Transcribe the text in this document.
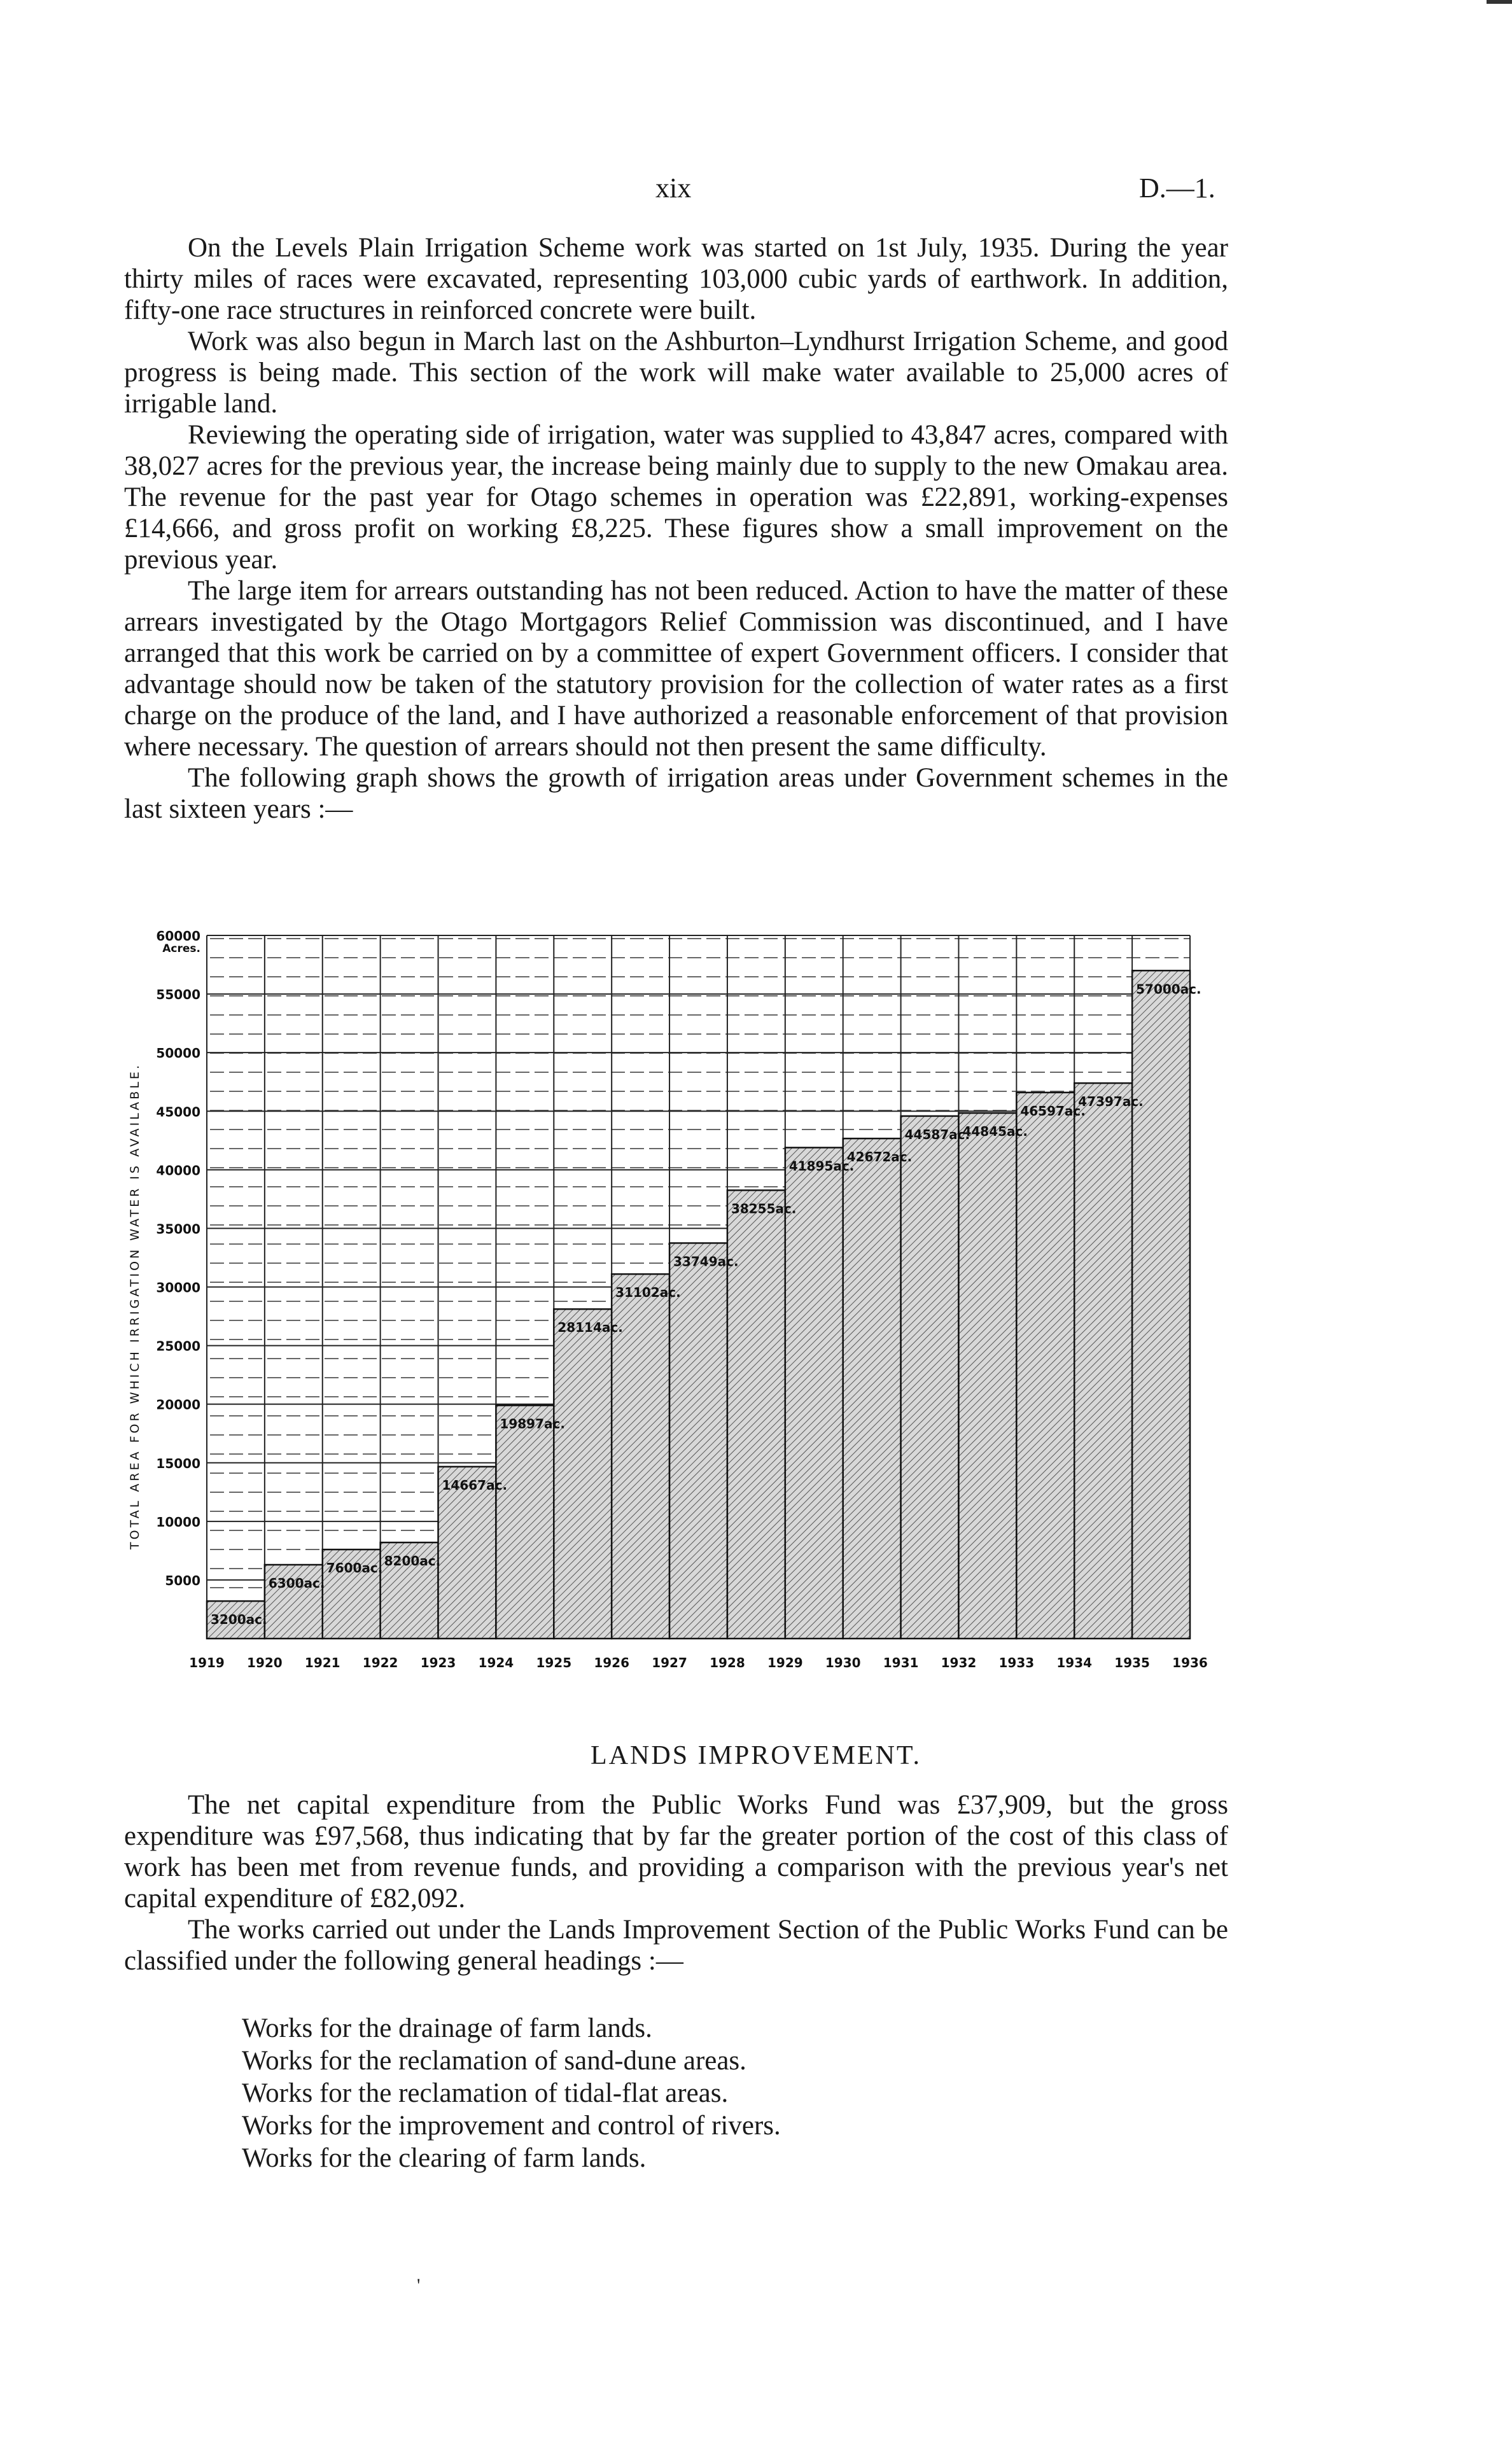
xix	D.—1.

On the Levels Plain Irrigation Scheme work was started on 1st July, 1935. During the year thirty miles of races were excavated, representing 103,000 cubic yards of earthwork. In addition, fifty-one race structures in reinforced concrete were built.

Work was also begun in March last on the Ashburton–Lyndhurst Irrigation Scheme, and good progress is being made. This section of the work will make water available to 25,000 acres of irrigable land.

Reviewing the operating side of irrigation, water was supplied to 43,847 acres, compared with 38,027 acres for the previous year, the increase being mainly due to supply to the new Omakau area. The revenue for the past year for Otago schemes in operation was £22,891, working-expenses £14,666, and gross profit on working £8,225. These figures show a small improvement on the previous year.

The large item for arrears outstanding has not been reduced. Action to have the matter of these arrears investigated by the Otago Mortgagors Relief Commission was discontinued, and I have arranged that this work be carried on by a committee of expert Government officers. I consider that advantage should now be taken of the statutory provision for the collection of water rates as a first charge on the produce of the land, and I have authorized a reasonable enforcement of that provision where necessary. The question of arrears should not then present the same difficulty.

The following graph shows the growth of irrigation areas under Government schemes in the last sixteen years :—

3200ac.
6300ac.
7600ac. 8200ac.
14667ac.
19897ac.
28114ac.
31102ac.
33749ac.
38255ac.
41895ac.
42672ac.
44587ac.
44845ac.
46597ac.
47397ac.
57000ac.
60000
55000
50000
45000
40000
35000
30000
25000
20000
15000
10000
5000
Acres.
1919 1920 1921 1922 1923 1924 1925 1926 1927 1928 1929 1930 1931 1932 1933 1934 1935 1936
TOTAL AREA FOR WHICH IRRIGATION WATER IS AVAILABLE.
LANDS IMPROVEMENT.

The net capital expenditure from the Public Works Fund was £37,909, but the gross expenditure was £97,568, thus indicating that by far the greater portion of the cost of this class of work has been met from revenue funds, and providing a comparison with the previous year's net capital expenditure of £82,092.

The works carried out under the Lands Improvement Section of the Public Works Fund can be classified under the following general headings :—

Works for the drainage of farm lands.
Works for the reclamation of sand-dune areas.
Works for the reclamation of tidal-flat areas.
Works for the improvement and control of rivers.
Works for the clearing of farm lands.
'
